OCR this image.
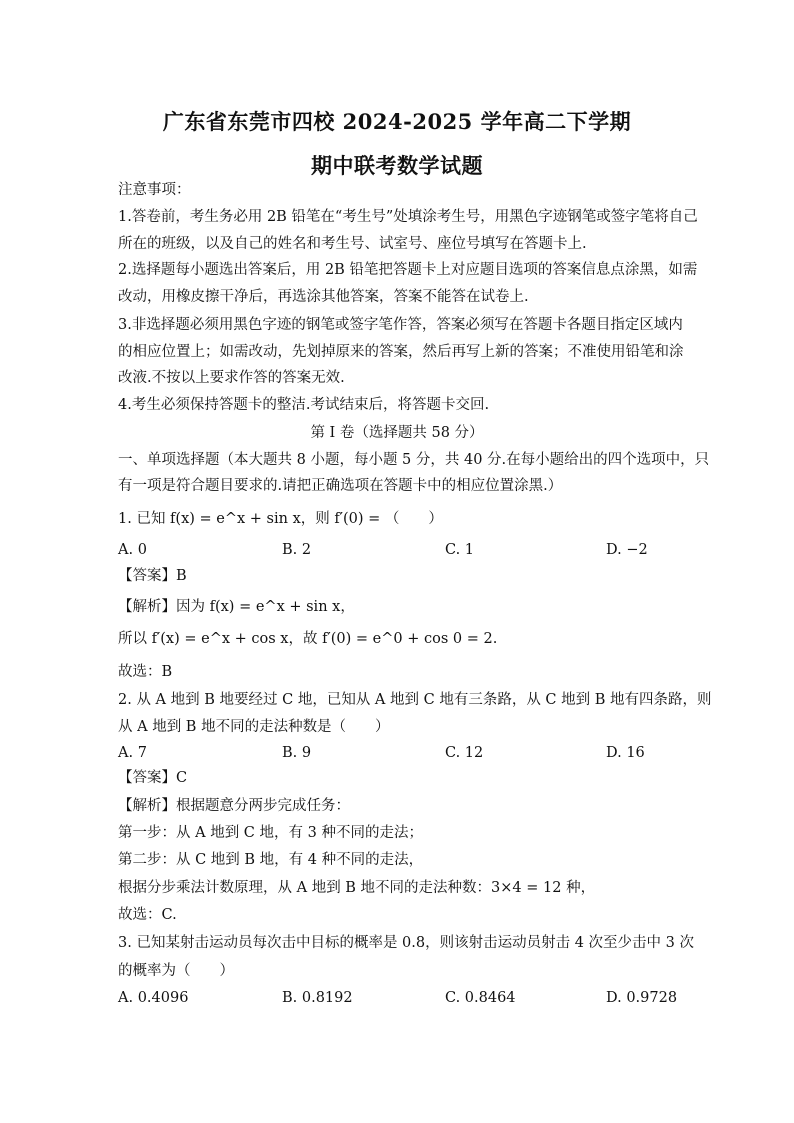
广东省东莞市四校 2024-2025 学年高二下学期
期中联考数学试题
注意事项：
1.答卷前，考生务必用 2B 铅笔在“考生号”处填涂考生号，用黑色字迹钢笔或签字笔将自己
所在的班级，以及自己的姓名和考生号、试室号、座位号填写在答题卡上.
2.选择题每小题选出答案后，用 2B 铅笔把答题卡上对应题目选项的答案信息点涂黑，如需
改动，用橡皮擦干净后，再选涂其他答案，答案不能答在试卷上.
3.非选择题必须用黑色字迹的钢笔或签字笔作答，答案必须写在答题卡各题目指定区域内
的相应位置上；如需改动，先划掉原来的答案，然后再写上新的答案；不准使用铅笔和涂
改液.不按以上要求作答的答案无效.
4.考生必须保持答题卡的整洁.考试结束后，将答题卡交回.
第 I 卷（选择题共 58 分）
一、单项选择题（本大题共 8 小题，每小题 5 分，共 40 分.在每小题给出的四个选项中，只
有一项是符合题目要求的.请把正确选项在答题卡中的相应位置涂黑.）
1. 已知 f(x) = e^x + sin x，则 f′(0) = （　　）
A. 0	B. 2	C. 1	D. −2
【答案】B
【解析】因为 f(x) = e^x + sin x，
所以 f′(x) = e^x + cos x，故 f′(0) = e^0 + cos 0 = 2.
故选：B
2. 从 A 地到 B 地要经过 C 地，已知从 A 地到 C 地有三条路，从 C 地到 B 地有四条路，则
从 A 地到 B 地不同的走法种数是（　　）
A. 7	B. 9	C. 12	D. 16
【答案】C
【解析】根据题意分两步完成任务：
第一步：从 A 地到 C 地，有 3 种不同的走法；
第二步：从 C 地到 B 地，有 4 种不同的走法，
根据分步乘法计数原理，从 A 地到 B 地不同的走法种数：3×4 = 12 种，
故选：C.
3. 已知某射击运动员每次击中目标的概率是 0.8，则该射击运动员射击 4 次至少击中 3 次
的概率为（　　）
A. 0.4096	B. 0.8192	C. 0.8464	D. 0.9728
